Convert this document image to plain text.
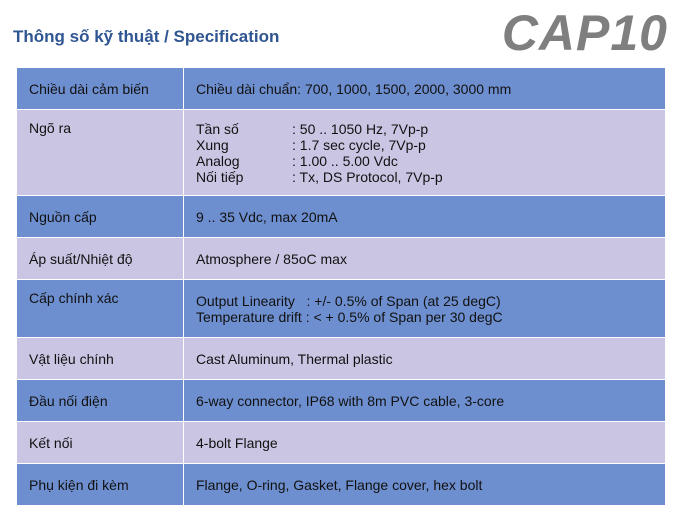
Thông số kỹ thuật / Specification	CAP10
Chiều dài cảm biến	Chiều dài chuẩn: 700, 1000, 1500, 2000, 3000 mm
Ngõ ra		Tần số	: 50 .. 1050 Hz, 7Vp-p
Xung	: 1.7 sec cycle, 7Vp-p
Analog	: 1.00 .. 5.00 Vdc
Nối tiếp	: Tx, DS Protocol, 7Vp-p

Nguồn cấp	9 .. 35 Vdc, max 20mA
Áp suất/Nhiệt độ	Atmosphere / 85oC max
Cấp chính xác	Output Linearity   : +/- 0.5% of Span (at 25 degC)
Temperature drift : < + 0.5% of Span per 30 degC

Vật liệu chính	Cast Aluminum, Thermal plastic
Đầu nối điện	6-way connector, IP68 with 8m PVC cable, 3-core
Kết nối	4-bolt Flange
Phụ kiện đi kèm	Flange, O-ring, Gasket, Flange cover, hex bolt
